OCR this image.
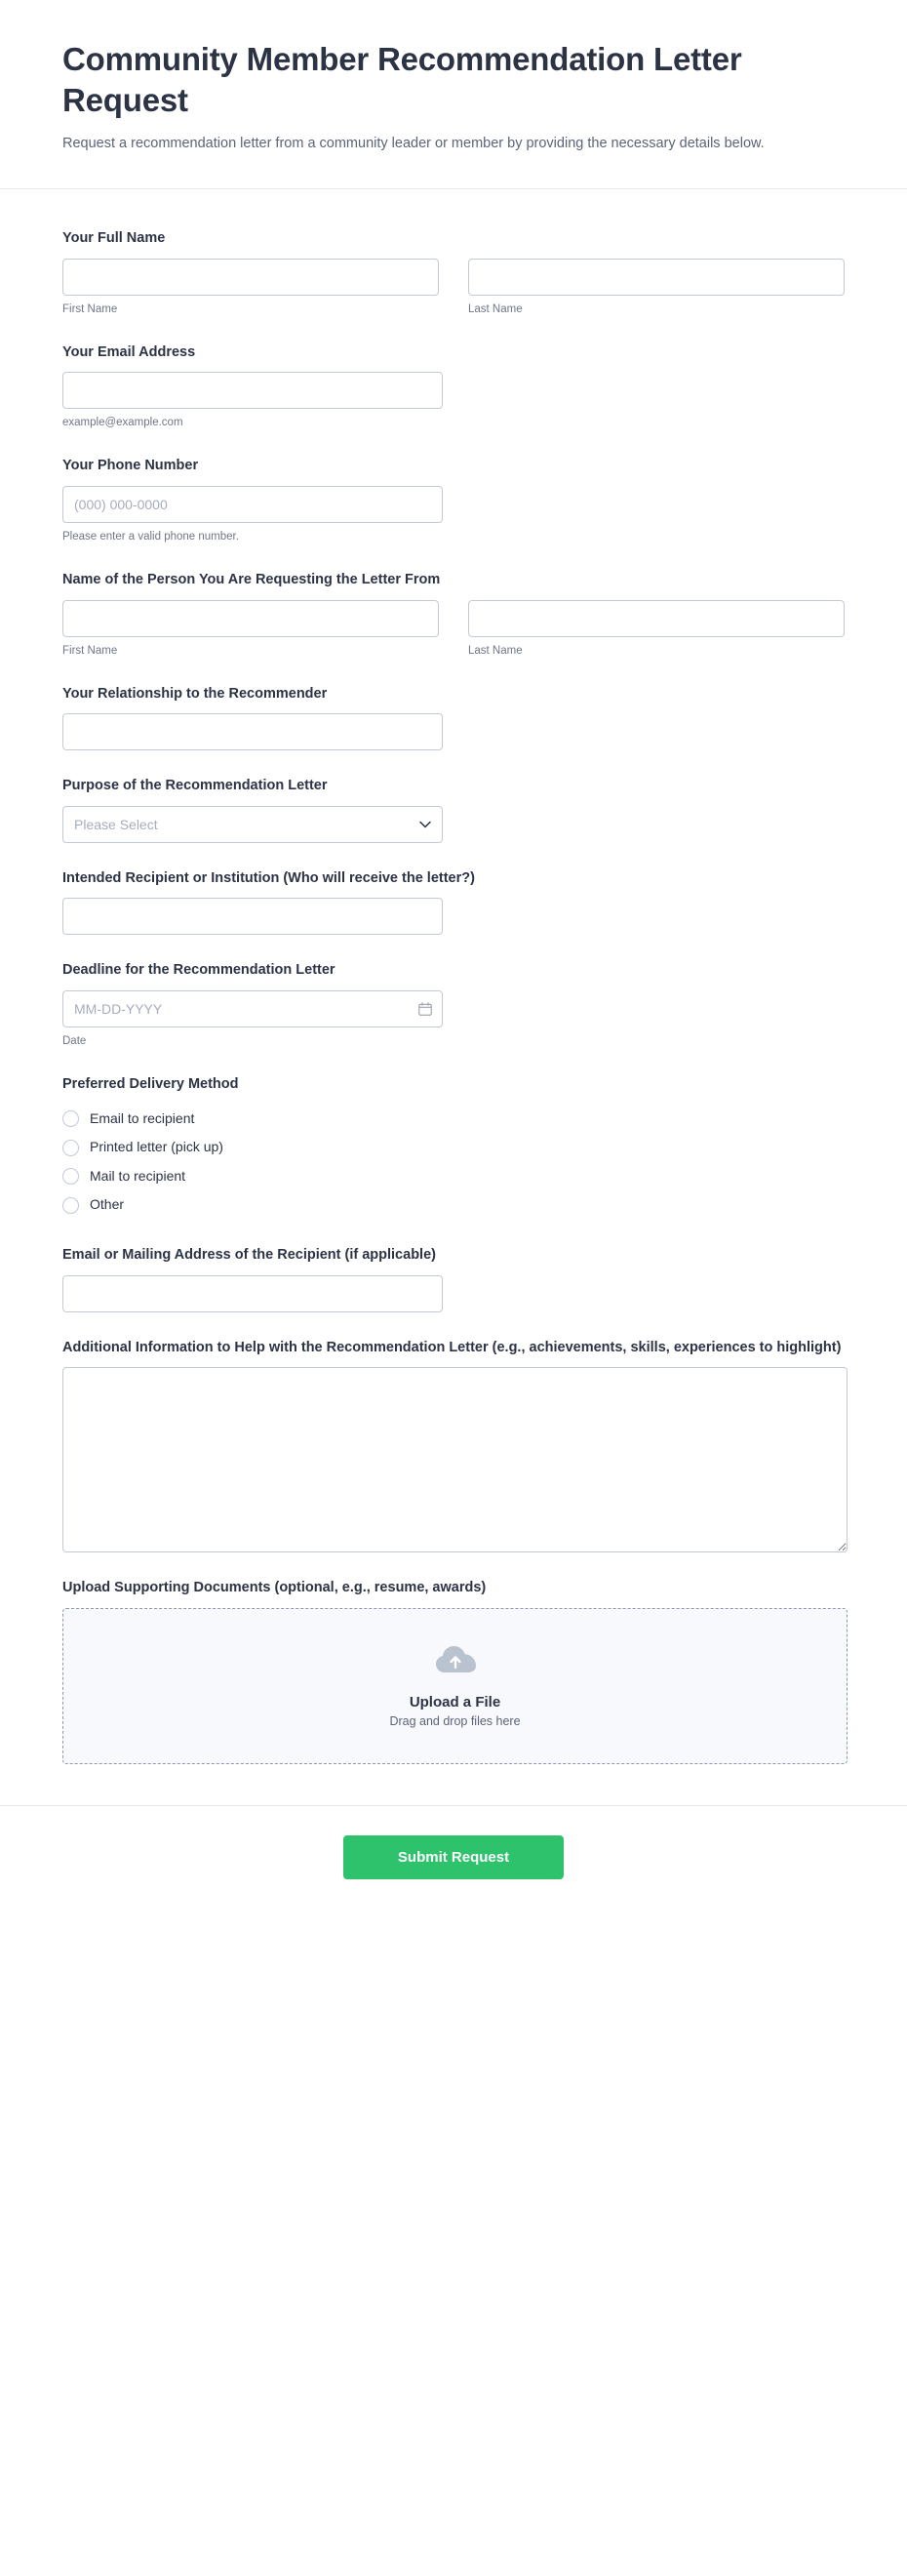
Community Member Recommendation Letter Request

Request a recommendation letter from a community leader or member by providing the necessary details below.

Your Full Name
First Name	Last Name
Your Email Address
example@example.com
Your Phone Number
(000) 000-0000
Please enter a valid phone number.
Name of the Person You Are Requesting the Letter From
First Name	Last Name
Your Relationship to the Recommender
Purpose of the Recommendation Letter
Please Select
Intended Recipient or Institution (Who will receive the letter?)
Deadline for the Recommendation Letter
MM-DD-YYYY
Date
Preferred Delivery Method
Email to recipient
Printed letter (pick up)
Mail to recipient
Other
Email or Mailing Address of the Recipient (if applicable)
Additional Information to Help with the Recommendation Letter (e.g., achievements, skills, experiences to highlight)
Upload Supporting Documents (optional, e.g., resume, awards)
Upload a File
Drag and drop files here
Submit Request
